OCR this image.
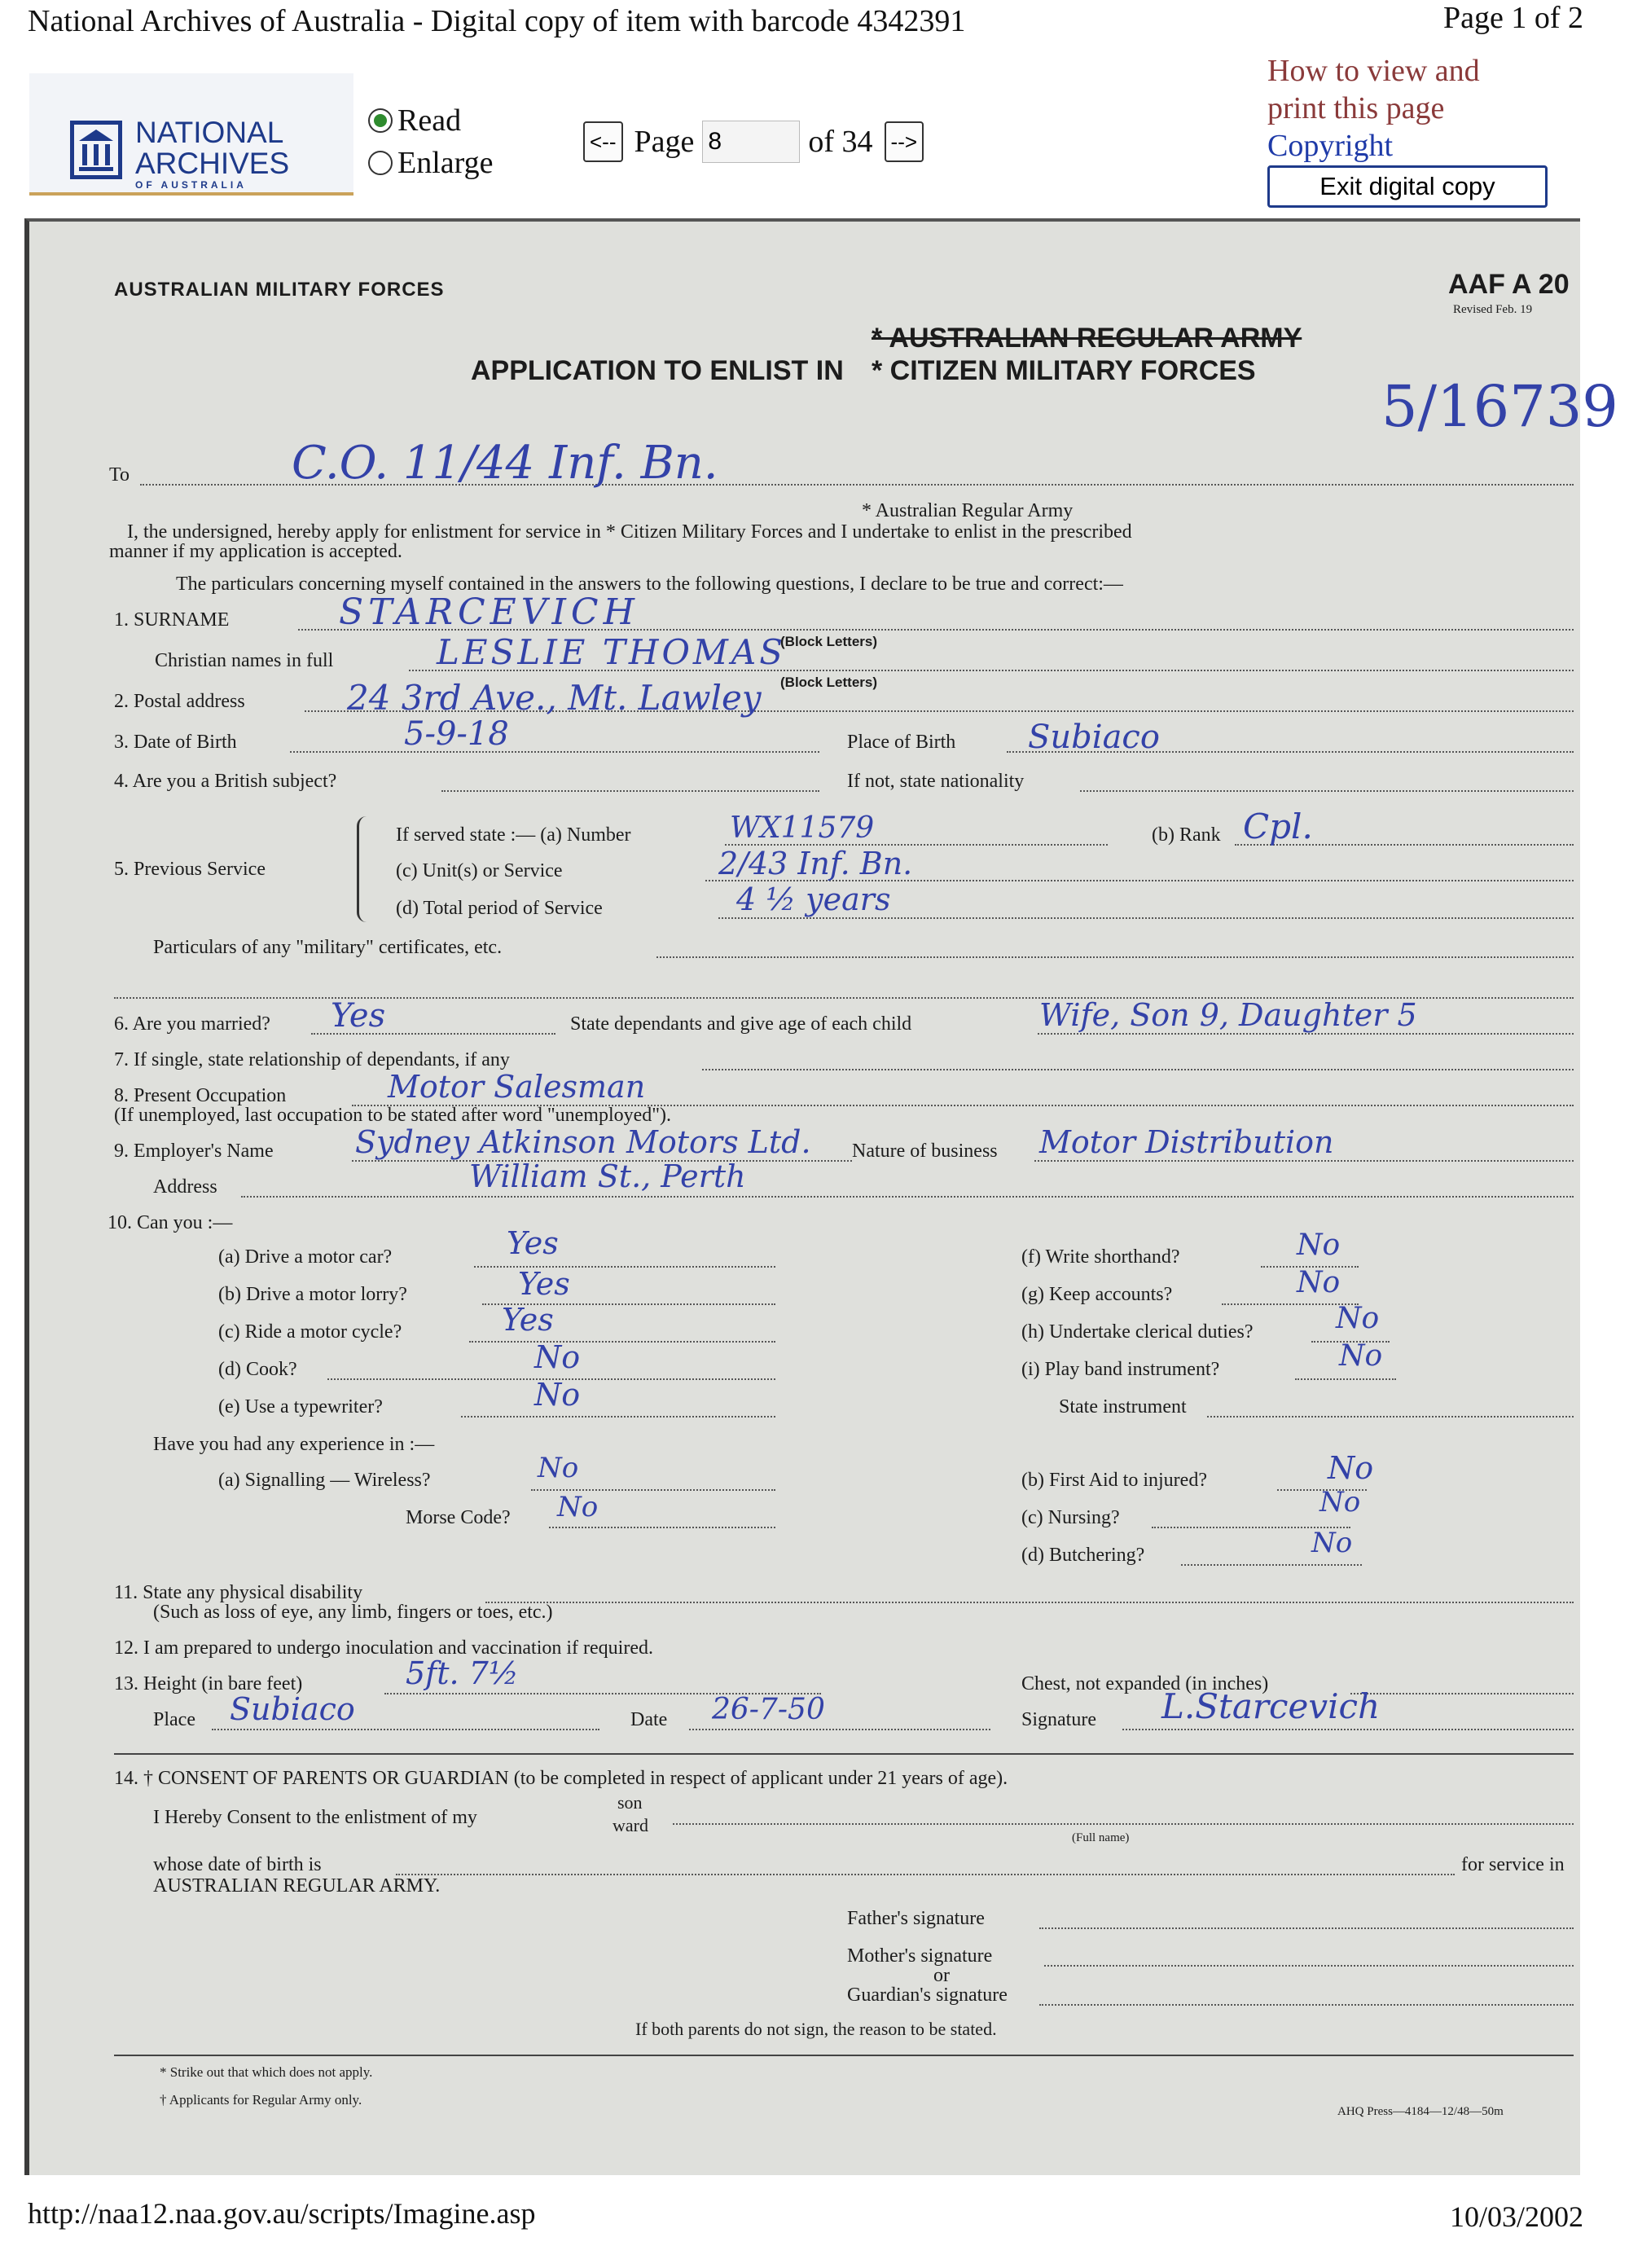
National Archives of Australia - Digital copy of item with barcode 4342391	Page 1 of 2
NATIONAL
ARCHIVES
OF AUSTRALIA
Read
Enlarge
<-- Page
8	of 34 -->
How to view and
print this page
Copyright
Exit digital copy
AUSTRALIAN MILITARY FORCES	AAF A 20
Revised Feb. 19
* AUSTRALIAN REGULAR ARMY
APPLICATION TO ENLIST IN * CITIZEN MILITARY FORCES
5/16739
To	C.O. 11/44 Inf. Bn.
* Australian Regular Army
I, the undersigned, hereby apply for enlistment for service in * Citizen Military Forces and I undertake to enlist in the prescribed
manner if my application is accepted.
The particulars concerning myself contained in the answers to the following questions, I declare to be true and correct:—
1. SURNAME	STARCEVICH
(Block Letters)
Christian names in full	LESLIE THOMAS
(Block Letters)
2. Postal address	24 3rd Ave., Mt. Lawley
3. Date of Birth	5-9-18	Place of Birth Subiaco
4. Are you a British subject?	If not, state nationality
5. Previous Service
If served state :— (a) Number	WX11579	(b) Rank Cpl.
(c) Unit(s) or Service	2/43 Inf. Bn.
(d) Total period of Service	4 ½ years
Particulars of any "military" certificates, etc.
6. Are you married? Yes	State dependants and give age of each child	Wife, Son 9, Daughter 5
7. If single, state relationship of dependants, if any
8. Present Occupation	Motor Salesman
(If unemployed, last occupation to be stated after word "unemployed").
9. Employer's Name	Sydney Atkinson Motors Ltd. Nature of business Motor Distribution
Address	William St., Perth
10. Can you :—
(a) Drive a motor car?	Yes
(b) Drive a motor lorry?	Yes
(c) Ride a motor cycle?	Yes
(d) Cook?	No
(e) Use a typewriter?	No
(f) Write shorthand?	No
(g) Keep accounts?	No
(h) Undertake clerical duties?	No
(i) Play band instrument?	No
State instrument
Have you had any experience in :—
(a) Signalling — Wireless?	No
Morse Code? No
(b) First Aid to injured?	No
(c) Nursing?	No
(d) Butchering?	No
11. State any physical disability
(Such as loss of eye, any limb, fingers or toes, etc.)
12. I am prepared to undergo inoculation and vaccination if required.
13. Height (in bare feet)	5ft. 7½	Chest, not expanded (in inches)
Place Subiaco	Date 26-7-50	Signature L.Starcevich
14. † CONSENT OF PARENTS OR GUARDIAN (to be completed in respect of applicant under 21 years of age).
I Hereby Consent to the enlistment of my
son
ward
(Full name)
whose date of birth is	for service in
AUSTRALIAN REGULAR ARMY.
Father's signature
Mother's signature
or
Guardian's signature
If both parents do not sign, the reason to be stated.
* Strike out that which does not apply.
† Applicants for Regular Army only.
AHQ Press—4184—12/48—50m
http://naa12.naa.gov.au/scripts/Imagine.asp	10/03/2002
